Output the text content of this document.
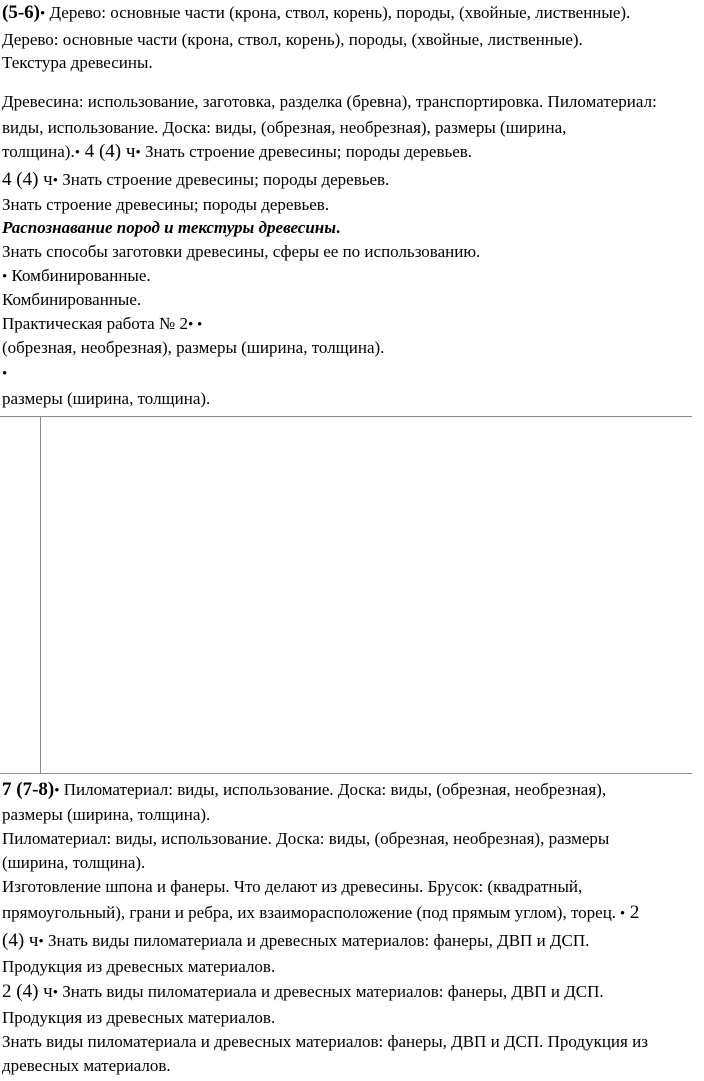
(5-6)• Дерево: основные части (крона, ствол, корень), породы, (хвойные, лиственные).
Дерево: основные части (крона, ствол, корень), породы, (хвойные, лиственные).
Текстура древесины.
Древесина: использование, заготовка, разделка (бревна), транспортировка. Пиломатериал:
виды, использование. Доска: виды, (обрезная, необрезная), размеры (ширина,
толщина).• 4 (4) ч• Знать строение древесины; породы деревьев.
4 (4) ч• Знать строение древесины; породы деревьев.
Знать строение древесины; породы деревьев.
Распознавание пород и текстуры древесины.
Знать способы заготовки древесины, сферы ее по использованию.
• Комбинированные.
Комбинированные.
Практическая работа № 2• •
(обрезная, необрезная), размеры (ширина, толщина).
•
размеры (ширина, толщина).
7 (7-8)• Пиломатериал: виды, использование. Доска: виды, (обрезная, необрезная),
размеры (ширина, толщина).
Пиломатериал: виды, использование. Доска: виды, (обрезная, необрезная), размеры
(ширина, толщина).
Изготовление шпона и фанеры. Что делают из древесины. Брусок: (квадратный,
прямоугольный), грани и ребра, их взаиморасположение (под прямым углом), торец. • 2
(4) ч• Знать виды пиломатериала и древесных материалов: фанеры, ДВП и ДСП.
Продукция из древесных материалов.
2 (4) ч• Знать виды пиломатериала и древесных материалов: фанеры, ДВП и ДСП.
Продукция из древесных материалов.
Знать виды пиломатериала и древесных материалов: фанеры, ДВП и ДСП. Продукция из
древесных материалов.
